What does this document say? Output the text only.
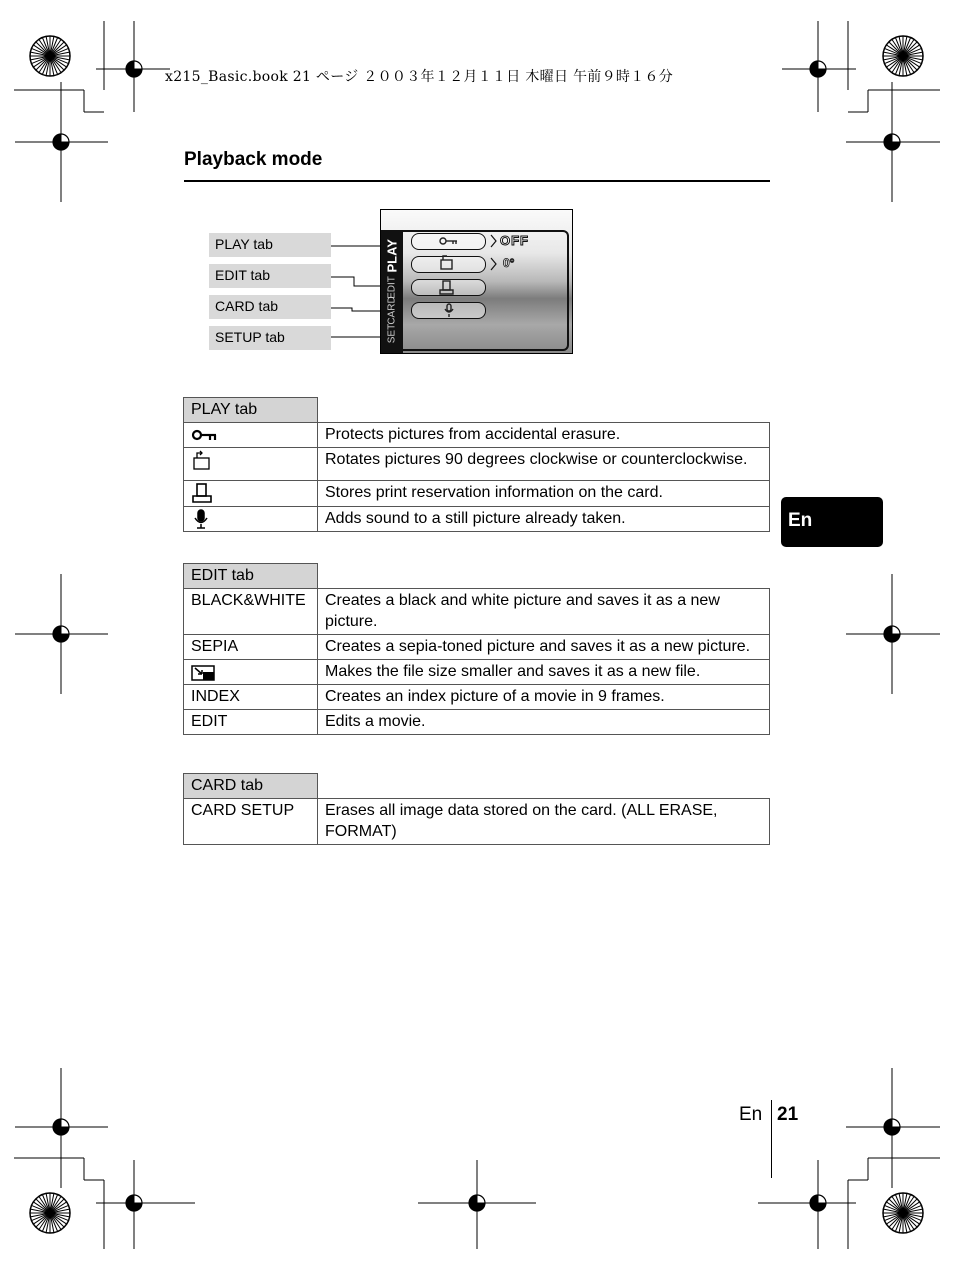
x215_Basic.book 21 ページ ２００３年１２月１１日 木曜日 午前９時１６分
Playback mode
PLAY tab
EDIT tab
CARD tab
SETUP tab
PLAY
EDIT
CARD
SET
OFF
0°
PLAY tab	
	Protects pictures from accidental erasure.
	Rotates pictures 90 degrees clockwise or counterclockwise.
	Stores print reservation information on the card.
	Adds sound to a still picture already taken.
EDIT tab	
BLACK&WHITE	Creates a black and white picture and saves it as a new picture.
SEPIA	Creates a sepia-toned picture and saves it as a new picture.
	Makes the file size smaller and saves it as a new file.
INDEX	Creates an index picture of a movie in 9 frames.
EDIT	Edits a movie.
CARD tab	
CARD SETUP	Erases all image data stored on the card. (ALL ERASE, FORMAT)
En
En 21
